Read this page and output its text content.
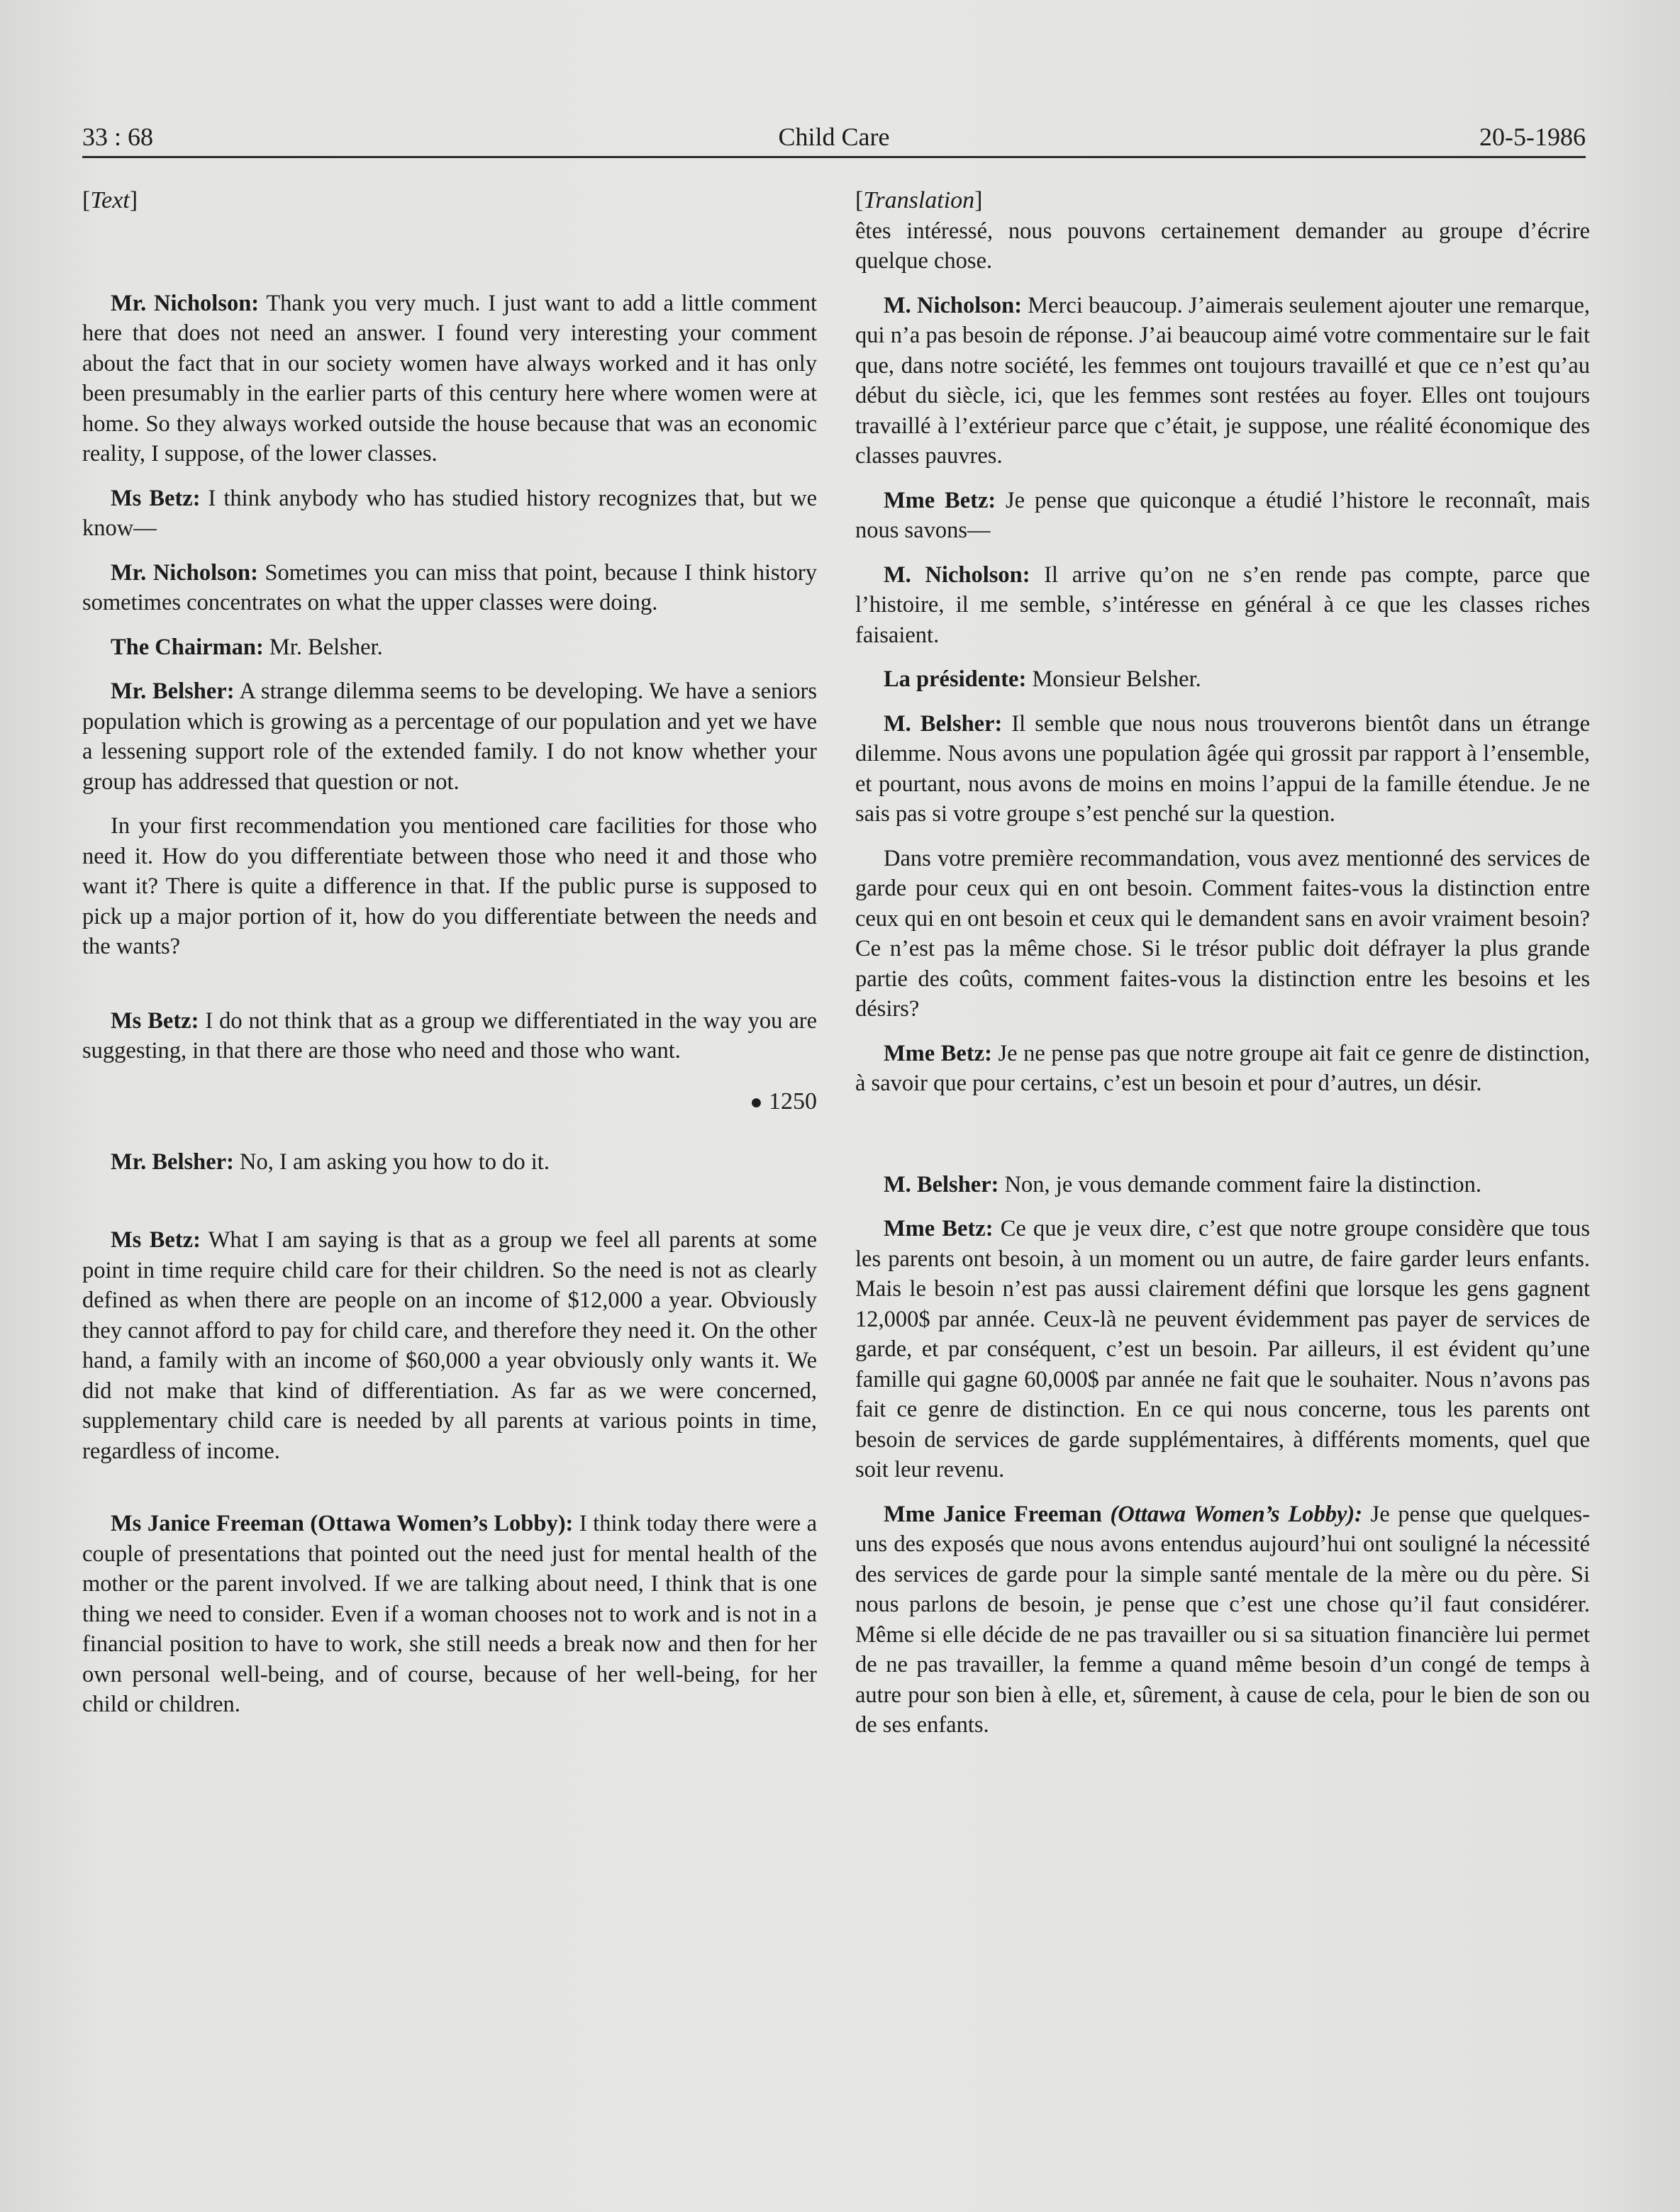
33 : 68	Child Care	20-5-1986

[Text]

Mr. Nicholson: Thank you very much. I just want to add a little comment here that does not need an answer. I found very interesting your comment about the fact that in our society women have always worked and it has only been presumably in the earlier parts of this century here where women were at home. So they always worked outside the house because that was an economic reality, I suppose, of the lower classes.

Ms Betz: I think anybody who has studied history recognizes that, but we know—

Mr. Nicholson: Sometimes you can miss that point, because I think history sometimes concentrates on what the upper classes were doing.

The Chairman: Mr. Belsher.

Mr. Belsher: A strange dilemma seems to be developing. We have a seniors population which is growing as a percentage of our population and yet we have a lessening support role of the extended family. I do not know whether your group has addressed that question or not.

In your first recommendation you mentioned care facilities for those who need it. How do you differentiate between those who need it and those who want it? There is quite a difference in that. If the public purse is supposed to pick up a major portion of it, how do you differentiate between the needs and the wants?

Ms Betz: I do not think that as a group we differentiated in the way you are suggesting, in that there are those who need and those who want.

● 1250

Mr. Belsher: No, I am asking you how to do it.

Ms Betz: What I am saying is that as a group we feel all parents at some point in time require child care for their children. So the need is not as clearly defined as when there are people on an income of $12,000 a year. Obviously they cannot afford to pay for child care, and therefore they need it. On the other hand, a family with an income of $60,000 a year obviously only wants it. We did not make that kind of differentiation. As far as we were concerned, supplementary child care is needed by all parents at various points in time, regardless of income.

Ms Janice Freeman (Ottawa Women’s Lobby): I think today there were a couple of presentations that pointed out the need just for mental health of the mother or the parent involved. If we are talking about need, I think that is one thing we need to consider. Even if a woman chooses not to work and is not in a financial position to have to work, she still needs a break now and then for her own personal well-being, and of course, because of her well-being, for her child or children.

[Translation]

êtes intéressé, nous pouvons certainement demander au groupe d’écrire quelque chose.

M. Nicholson: Merci beaucoup. J’aimerais seulement ajouter une remarque, qui n’a pas besoin de réponse. J’ai beaucoup aimé votre commentaire sur le fait que, dans notre société, les femmes ont toujours travaillé et que ce n’est qu’au début du siècle, ici, que les femmes sont restées au foyer. Elles ont toujours travaillé à l’extérieur parce que c’était, je suppose, une réalité économique des classes pauvres.

Mme Betz: Je pense que quiconque a étudié l’histore le reconnaît, mais nous savons—

M. Nicholson: Il arrive qu’on ne s’en rende pas compte, parce que l’histoire, il me semble, s’intéresse en général à ce que les classes riches faisaient.

La présidente: Monsieur Belsher.

M. Belsher: Il semble que nous nous trouverons bientôt dans un étrange dilemme. Nous avons une population âgée qui grossit par rapport à l’ensemble, et pourtant, nous avons de moins en moins l’appui de la famille étendue. Je ne sais pas si votre groupe s’est penché sur la question.

Dans votre première recommandation, vous avez mentionné des services de garde pour ceux qui en ont besoin. Comment faites-vous la distinction entre ceux qui en ont besoin et ceux qui le demandent sans en avoir vraiment besoin? Ce n’est pas la même chose. Si le trésor public doit défrayer la plus grande partie des coûts, comment faites-vous la distinction entre les besoins et les désirs?

Mme Betz: Je ne pense pas que notre groupe ait fait ce genre de distinction, à savoir que pour certains, c’est un besoin et pour d’autres, un désir.

M. Belsher: Non, je vous demande comment faire la distinction.

Mme Betz: Ce que je veux dire, c’est que notre groupe considère que tous les parents ont besoin, à un moment ou un autre, de faire garder leurs enfants. Mais le besoin n’est pas aussi clairement défini que lorsque les gens gagnent 12,000$ par année. Ceux-là ne peuvent évidemment pas payer de services de garde, et par conséquent, c’est un besoin. Par ailleurs, il est évident qu’une famille qui gagne 60,000$ par année ne fait que le souhaiter. Nous n’avons pas fait ce genre de distinction. En ce qui nous concerne, tous les parents ont besoin de services de garde supplémentaires, à différents moments, quel que soit leur revenu.

Mme Janice Freeman (Ottawa Women’s Lobby): Je pense que quelques-uns des exposés que nous avons entendus aujourd’hui ont souligné la nécessité des services de garde pour la simple santé mentale de la mère ou du père. Si nous parlons de besoin, je pense que c’est une chose qu’il faut considérer. Même si elle décide de ne pas travailler ou si sa situation financière lui permet de ne pas travailler, la femme a quand même besoin d’un congé de temps à autre pour son bien à elle, et, sûrement, à cause de cela, pour le bien de son ou de ses enfants.
